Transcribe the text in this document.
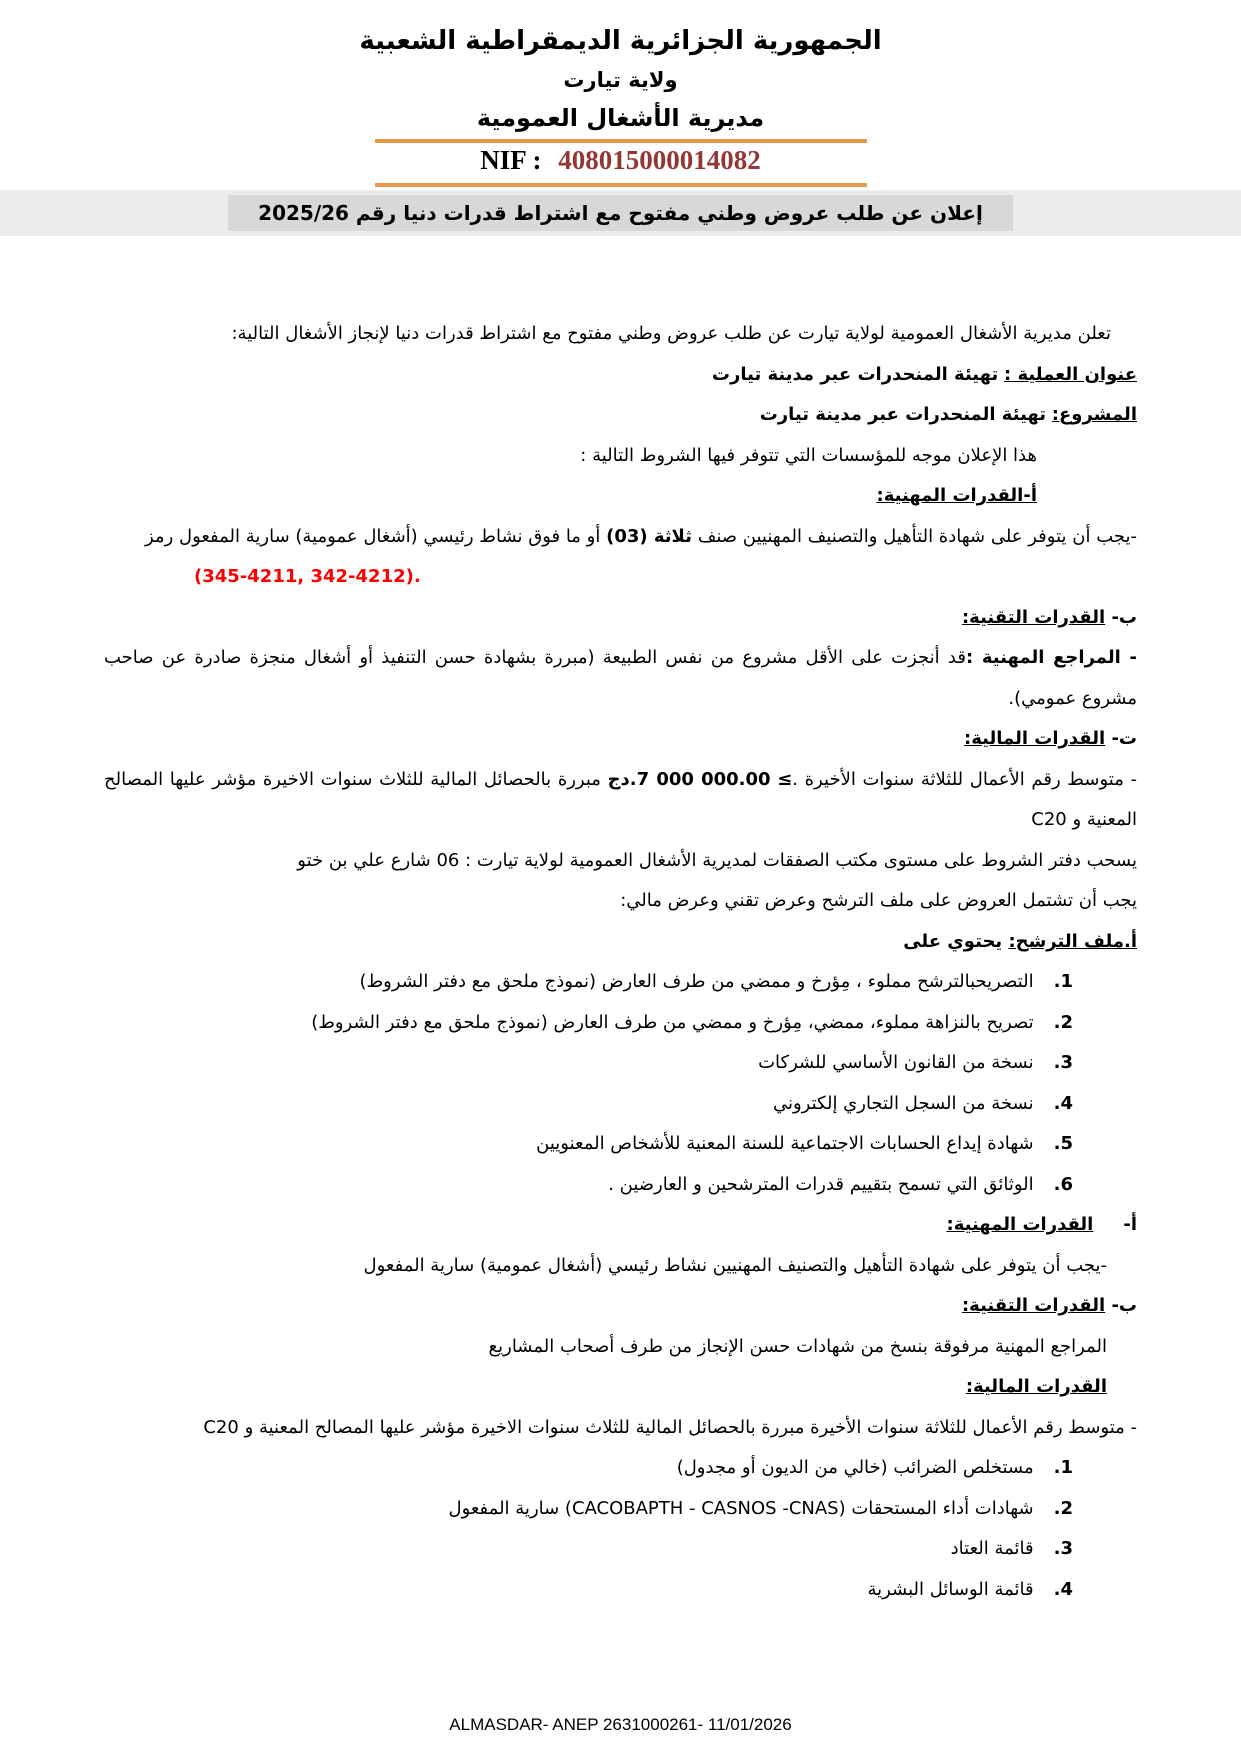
الجمهورية الجزائرية الديمقراطية الشعبية
ولاية تيارت
مديرية الأشغال العمومية
NIF : 408015000014082
إعلان عن طلب عروض وطني مفتوح مع اشتراط قدرات دنيا رقم 2025/26

تعلن مديرية الأشغال العمومية لولاية تيارت عن طلب عروض وطني مفتوح مع اشتراط قدرات دنيا لإنجاز الأشغال التالية:

عنوان العملية : تهيئة المنحدرات عبر مدينة تيارت

المشروع: تهيئة المنحدرات عبر مدينة تيارت

هذا الإعلان موجه للمؤسسات التي تتوفر فيها الشروط التالية :

أ-القدرات المهنية:

-يجب أن يتوفر على شهادة التأهيل والتصنيف المهنيين صنف ثلاثة (03) أو ما فوق نشاط رئيسي (أشغال عمومية) سارية المفعول رمز

(345-4211, 342-4212).

ب- القدرات التقنية:

- المراجع المهنية :قد أنجزت على الأقل مشروع من نفس الطبيعة (مبررة بشهادة حسن التنفيذ أو أشغال منجزة صادرة عن صاحب مشروع عمومي).

ت- القدرات المالية:

- متوسط رقم الأعمال للثلاثة سنوات الأخيرة .≤ 7 000 000.00.دج مبررة بالحصائل المالية للثلاث سنوات الاخيرة مؤشر عليها المصالح المعنية و C20

يسحب دفتر الشروط على مستوى مكتب الصفقات لمديرية الأشغال العمومية لولاية تيارت : 06 شارع علي بن ختو

يجب أن تشتمل العروض على ملف الترشح وعرض تقني وعرض مالي:

أ.ملف الترشح: يحتوي على

1.
التصريحبالترشح مملوء ، مِؤرخ و ممضي من طرف العارض (نموذج ملحق مع دفتر الشروط)
2.
تصريح بالنزاهة مملوء، ممضي، مِؤرخ و ممضي من طرف العارض (نموذج ملحق مع دفتر الشروط)
3.
نسخة من القانون الأساسي للشركات
4.
نسخة من السجل التجاري إلكتروني
5.
شهادة إيداع الحسابات الاجتماعية للسنة المعنية للأشخاص المعنويين
6.
الوثائق التي تسمح بتقييم قدرات المترشحين و العارضين .

أ-القدرات المهنية:

-يجب أن يتوفر على شهادة التأهيل والتصنيف المهنيين نشاط رئيسي (أشغال عمومية) سارية المفعول

ب- القدرات التقنية:

المراجع المهنية مرفوقة بنسخ من شهادات حسن الإنجاز من طرف أصحاب المشاريع

القدرات المالية:

- متوسط رقم الأعمال للثلاثة سنوات الأخيرة مبررة بالحصائل المالية للثلاث سنوات الاخيرة مؤشر عليها المصالح المعنية و C20

1.
مستخلص الضرائب (خالي من الديون أو مجدول)
2.
شهادات أداء المستحقات (CACOBAPTH - CASNOS -CNAS) سارية المفعول
3.
قائمة العتاد
4.
قائمة الوسائل البشرية
ALMASDAR- ANEP 2631000261- 11/01/2026
